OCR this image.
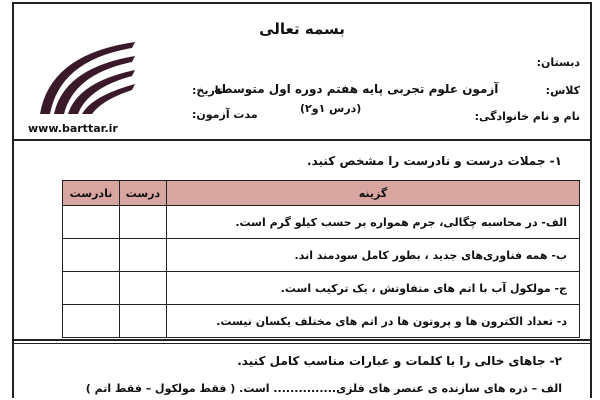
بسمه تعالی
www.barttar.ir
آزمون علوم تجربی پایه هفتم دوره اول متوسطه
(درس ۱و۲)
دبستان:
کلاس:
نام و نام خانوادگی:
تاریخ:
مدت آزمون:
۱- جملات درست و نادرست را مشخص کنید.
نادرست	درست	گزینه
		الف- در محاسبه چگالی، جرم همواره بر حسب کیلو گرم است.
		ب- همه فناوری‌های جدید ، بطور کامل سودمند اند.
		ج- مولکول آب با اتم های متفاوتش ، یک ترکیب است.
		د- تعداد الکترون ها و پروتون ها در اتم های مختلف یکسان نیست.
۲- جاهای خالی را با کلمات و عبارات مناسب کامل کنید.
الف – ذره های سازنده ی عنصر های فلزی............... است. ( فقط مولکول – فقط اتم )
